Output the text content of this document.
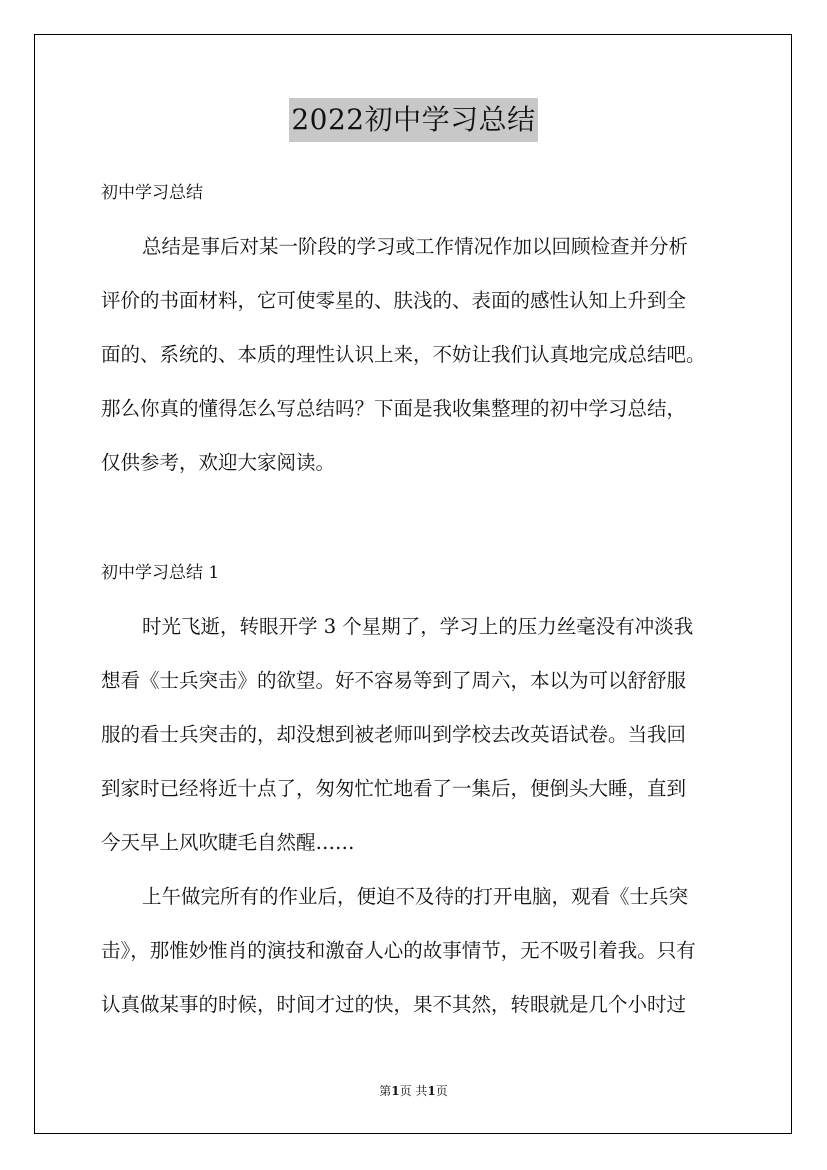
2022初中学习总结
初中学习总结
总结是事后对某一阶段的学习或工作情况作加以回顾检查并分析
评价的书面材料，它可使零星的、肤浅的、表面的感性认知上升到全
面的、系统的、本质的理性认识上来，不妨让我们认真地完成总结吧。
那么你真的懂得怎么写总结吗？下面是我收集整理的初中学习总结，
仅供参考，欢迎大家阅读。
初中学习总结 1
时光飞逝，转眼开学 3 个星期了，学习上的压力丝毫没有冲淡我
想看《士兵突击》的欲望。好不容易等到了周六，本以为可以舒舒服
服的看士兵突击的，却没想到被老师叫到学校去改英语试卷。当我回
到家时已经将近十点了，匆匆忙忙地看了一集后，便倒头大睡，直到
今天早上风吹睫毛自然醒……
上午做完所有的作业后，便迫不及待的打开电脑，观看《士兵突
击》，那惟妙惟肖的演技和激奋人心的故事情节，无不吸引着我。只有
认真做某事的时候，时间才过的快，果不其然，转眼就是几个小时过
第1页 共1页
